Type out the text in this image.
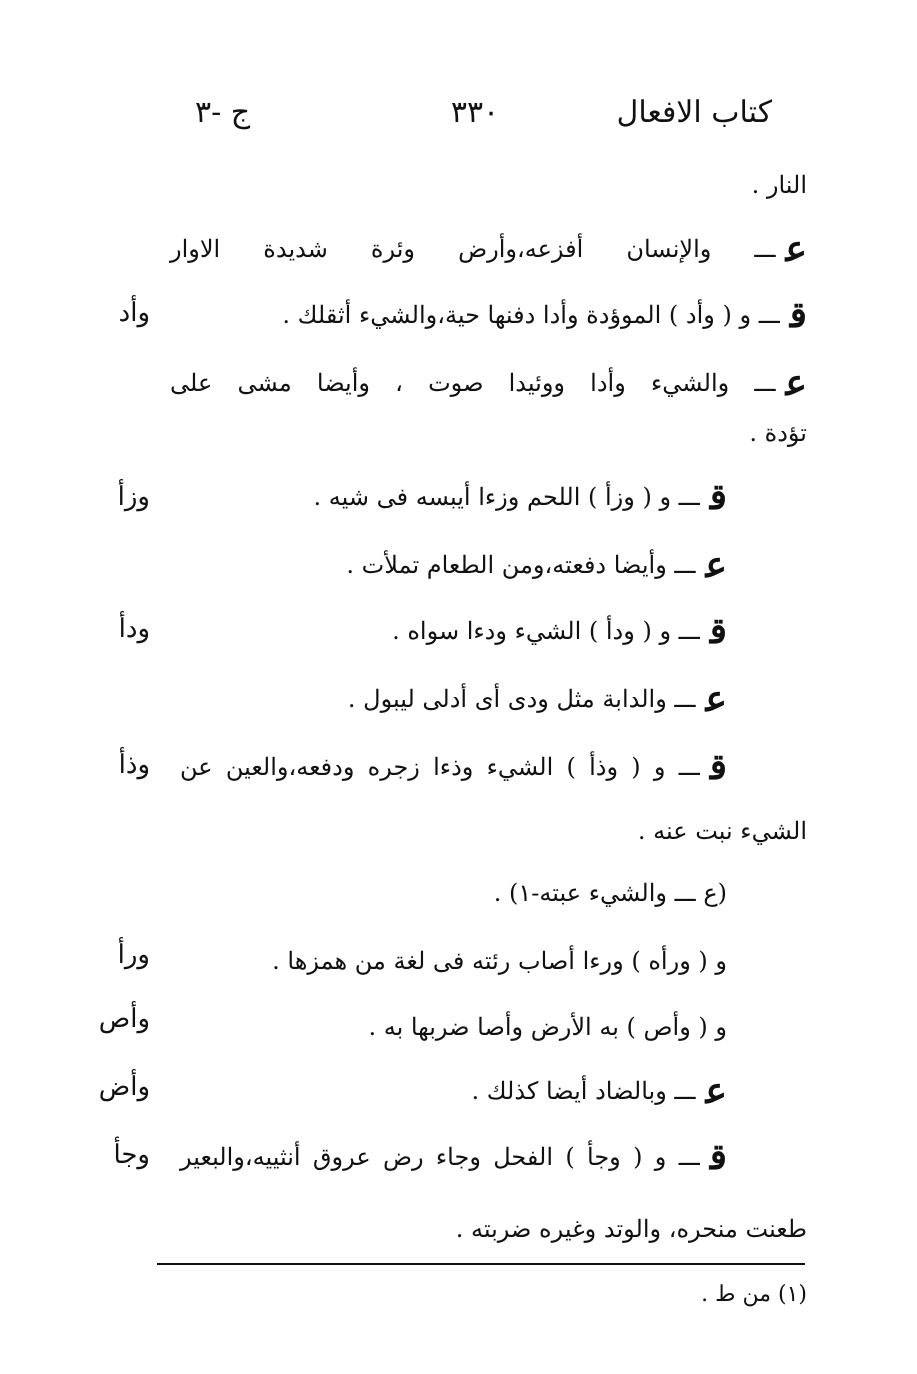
كتاب الافعال
٣٣٠
ج -٣
النار .
عـــ والإنسان أفزعه،وأرض وئرة شديدة الاوار
قـــ و ( وأد ) الموؤدة وأدا دفنها حية،والشيء أثقلك .
عـــ والشيء وأدا ووئيدا صوت ، وأيضا مشى على
تؤدة .
قـــ و ( وزأ ) اللحم وزءا أيبسه فى شيه .
عـــ وأيضا دفعته،ومن الطعام تملأت .
قـــ و ( ودأ ) الشيء ودءا سواه .
عـــ والدابة مثل ودى أى أدلى ليبول .
قـــ و ( وذأ ) الشيء وذءا زجره ودفعه،والعين عن
الشيء نبت عنه .
(ع ـــ والشيء عبته-١) .
و ( ورأه ) ورءا أصاب رئته فى لغة من همزها .
و ( وأص ) به الأرض وأصا ضربها به .
عـــ وبالضاد أيضا كذلك .
قـــ و ( وجأ ) الفحل وجاء رض عروق أنثييه،والبعير
طعنت منحره، والوتد وغيره ضربته .
وأد
وزأ
ودأ
وذأ
ورأ
وأص
وأض
وجأ
(١) من ط .
